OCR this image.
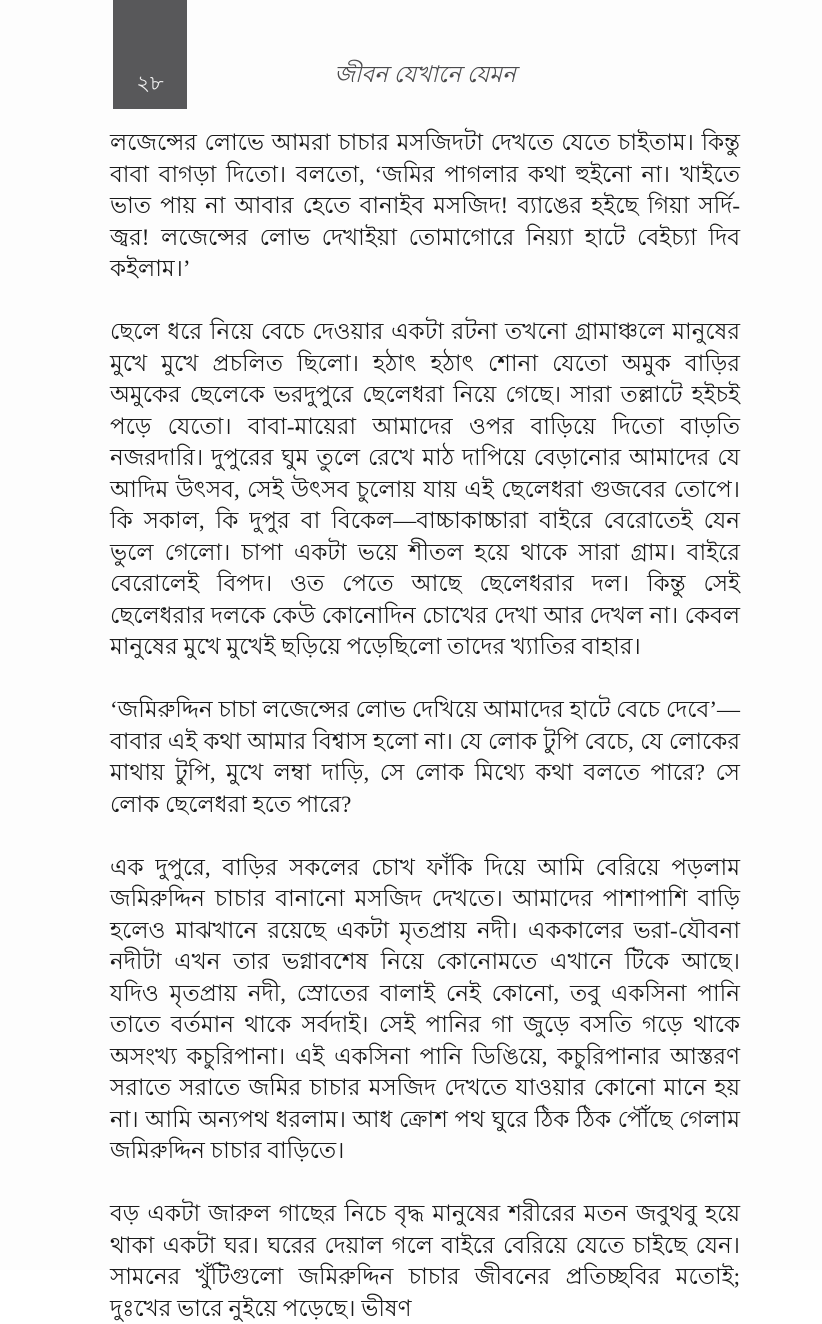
২৮	জীবন যেখানে যেমন

লজেন্সের লোভে আমরা চাচার মসজিদটা দেখতে যেতে চাইতাম। কিন্তু বাবা বাগড়া দিতো। বলতো, ‘জমির পাগলার কথা হুইনো না। খাইতে ভাত পায় না আবার হেতে বানাইব মসজিদ! ব্যাঙের হইছে গিয়া সর্দি-জ্বর! লজেন্সের লোভ দেখাইয়া তোমাগোরে নিয়্যা হাটে বেইচ্যা দিব কইলাম।’

ছেলে ধরে নিয়ে বেচে দেওয়ার একটা রটনা তখনো গ্রামাঞ্চলে মানুষের মুখে মুখে প্রচলিত ছিলো। হঠাৎ হঠাৎ শোনা যেতো অমুক বাড়ির অমুকের ছেলেকে ভরদুপুরে ছেলেধরা নিয়ে গেছে। সারা তল্লাটে হইচই পড়ে যেতো। বাবা-মায়েরা আমাদের ওপর বাড়িয়ে দিতো বাড়তি নজরদারি। দুপুরের ঘুম তুলে রেখে মাঠ দাপিয়ে বেড়ানোর আমাদের যে আদিম উৎসব, সেই উৎসব চুলোয় যায় এই ছেলেধরা গুজবের তোপে। কি সকাল, কি দুপুর বা বিকেল—বাচ্চাকাচ্চারা বাইরে বেরোতেই যেন ভুলে গেলো। চাপা একটা ভয়ে শীতল হয়ে থাকে সারা গ্রাম। বাইরে বেরোলেই বিপদ। ওত পেতে আছে ছেলেধরার দল। কিন্তু সেই ছেলেধরার দলকে কেউ কোনোদিন চোখের দেখা আর দেখল না। কেবল মানুষের মুখে মুখেই ছড়িয়ে পড়েছিলো তাদের খ্যাতির বাহার।

‘জমিরুদ্দিন চাচা লজেন্সের লোভ দেখিয়ে আমাদের হাটে বেচে দেবে’—বাবার এই কথা আমার বিশ্বাস হলো না। যে লোক টুপি বেচে, যে লোকের মাথায় টুপি, মুখে লম্বা দাড়ি, সে লোক মিথ্যে কথা বলতে পারে? সে লোক ছেলেধরা হতে পারে?

এক দুপুরে, বাড়ির সকলের চোখ ফাঁকি দিয়ে আমি বেরিয়ে পড়লাম জমিরুদ্দিন চাচার বানানো মসজিদ দেখতে। আমাদের পাশাপাশি বাড়ি হলেও মাঝখানে রয়েছে একটা মৃতপ্রায় নদী। এককালের ভরা-যৌবনা নদীটা এখন তার ভগ্নাবশেষ নিয়ে কোনোমতে এখানে টিকে আছে। যদিও মৃতপ্রায় নদী, স্রোতের বালাই নেই কোনো, তবু একসিনা পানি তাতে বর্তমান থাকে সর্বদাই। সেই পানির গা জুড়ে বসতি গড়ে থাকে অসংখ্য কচুরিপানা। এই একসিনা পানি ডিঙিয়ে, কচুরিপানার আস্তরণ সরাতে সরাতে জমির চাচার মসজিদ দেখতে যাওয়ার কোনো মানে হয় না। আমি অন্যপথ ধরলাম। আধ ক্রোশ পথ ঘুরে ঠিক ঠিক পৌঁছে গেলাম জমিরুদ্দিন চাচার বাড়িতে।

বড় একটা জারুল গাছের নিচে বৃদ্ধ মানুষের শরীরের মতন জবুথবু হয়ে থাকা একটা ঘর। ঘরের দেয়াল গলে বাইরে বেরিয়ে যেতে চাইছে যেন। সামনের খুঁটিগুলো জমিরুদ্দিন চাচার জীবনের প্রতিচ্ছবির মতোই; দুঃখের ভারে নুইয়ে পড়েছে। ভীষণ
